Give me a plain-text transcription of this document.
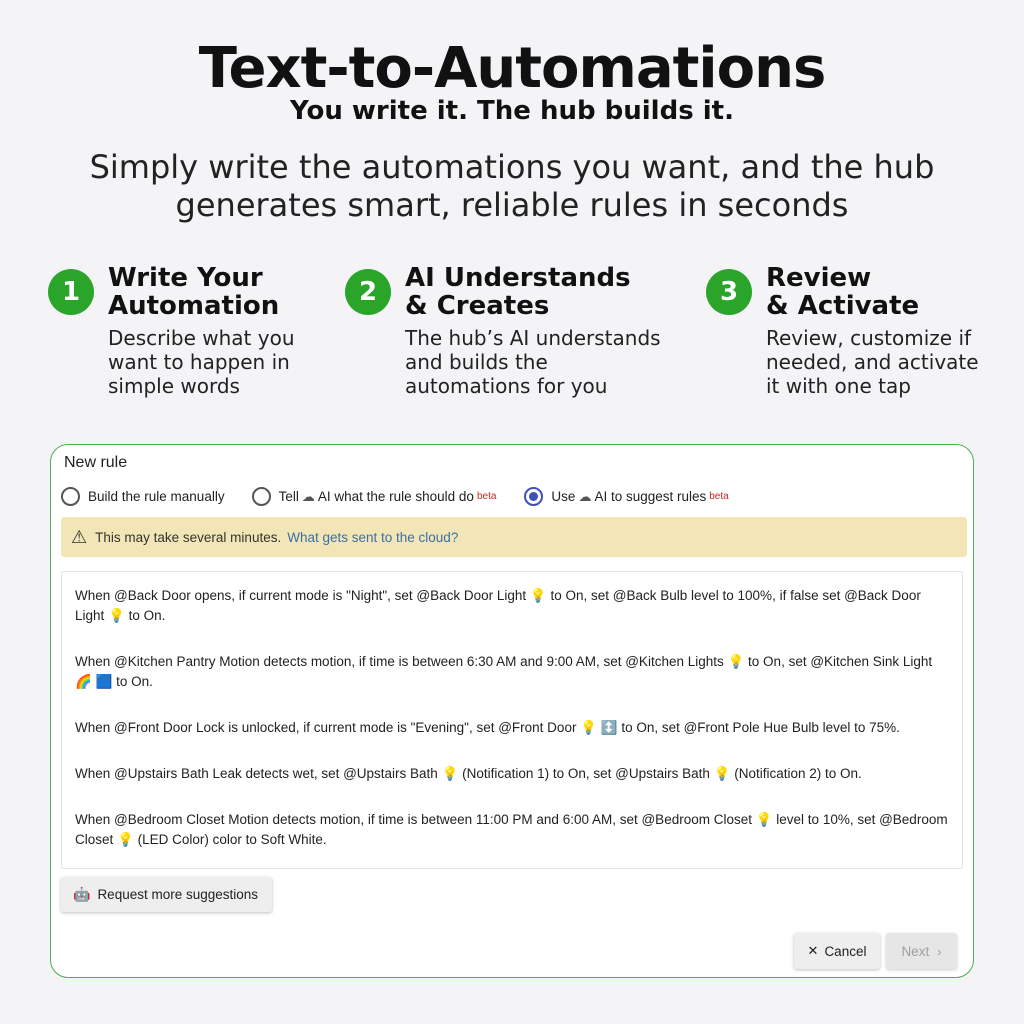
Text-to-Automations
You write it. The hub builds it.
Simply write the automations you want, and the hub generates smart, reliable rules in seconds
1	Write Your
Automation
Describe what you
want to happen in
simple words
2	AI Understands
& Creates
The hub’s AI understands
and builds the
automations for you
3	Review
& Activate
Review, customize if
needed, and activate
it with one tap
New rule
Build the rule manually	Tell ☁ AI what the rule should do beta	Use ☁ AI to suggest rules beta
⚠ This may take several minutes. What gets sent to the cloud?
When @Back Door opens, if current mode is "Night", set @Back Door Light 💡 to On, set @Back Bulb level to 100%, if false set @Back Door Light 💡 to On.
When @Kitchen Pantry Motion detects motion, if time is between 6:30 AM and 9:00 AM, set @Kitchen Lights 💡 to On, set @Kitchen Sink Light 🌈 🟦 to On.
When @Front Door Lock is unlocked, if current mode is "Evening", set @Front Door 💡 ↕️ to On, set @Front Pole Hue Bulb level to 75%.
When @Upstairs Bath Leak detects wet, set @Upstairs Bath 💡 (Notification 1) to On, set @Upstairs Bath 💡 (Notification 2) to On.
When @Bedroom Closet Motion detects motion, if time is between 11:00 PM and 6:00 AM, set @Bedroom Closet 💡 level to 10%, set @Bedroom Closet 💡 (LED Color) color to Soft White.
🤖 Request more suggestions
✕ Cancel	Next ›
